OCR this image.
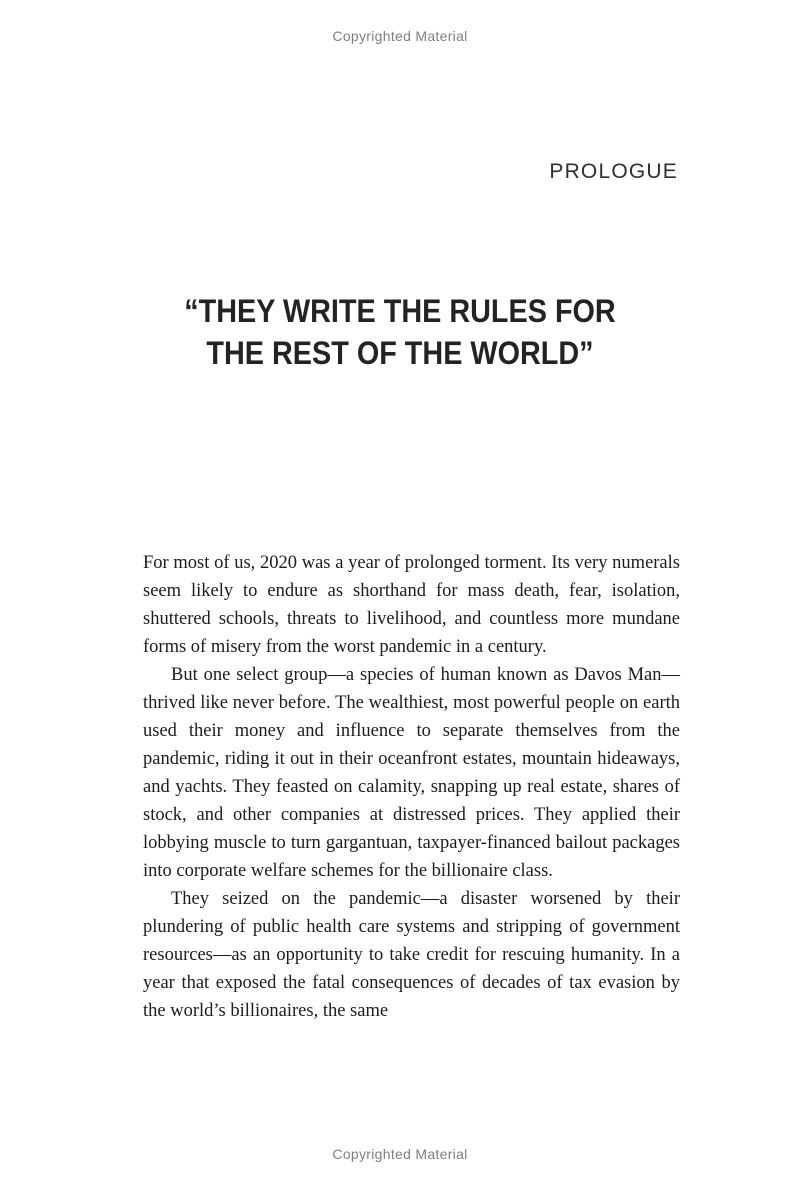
Copyrighted Material
PROLOGUE
“THEY WRITE THE RULES FOR
THE REST OF THE WORLD”

For most of us, 2020 was a year of prolonged torment. Its very numerals seem likely to endure as shorthand for mass death, fear, isolation, shuttered schools, threats to livelihood, and countless more mundane forms of misery from the worst pandemic in a century.

But one select group—a species of human known as Davos Man—thrived like never before. The wealthiest, most powerful people on earth used their money and influence to separate themselves from the pandemic, riding it out in their oceanfront estates, mountain hideaways, and yachts. They feasted on calamity, snapping up real estate, shares of stock, and other companies at distressed prices. They applied their lobbying muscle to turn gargantuan, taxpayer-financed bailout packages into corporate welfare schemes for the billionaire class.

They seized on the pandemic—a disaster worsened by their plundering of public health care systems and stripping of government resources—as an opportunity to take credit for rescuing humanity. In a year that exposed the fatal consequences of decades of tax evasion by the world’s billionaires, the same

Copyrighted Material
